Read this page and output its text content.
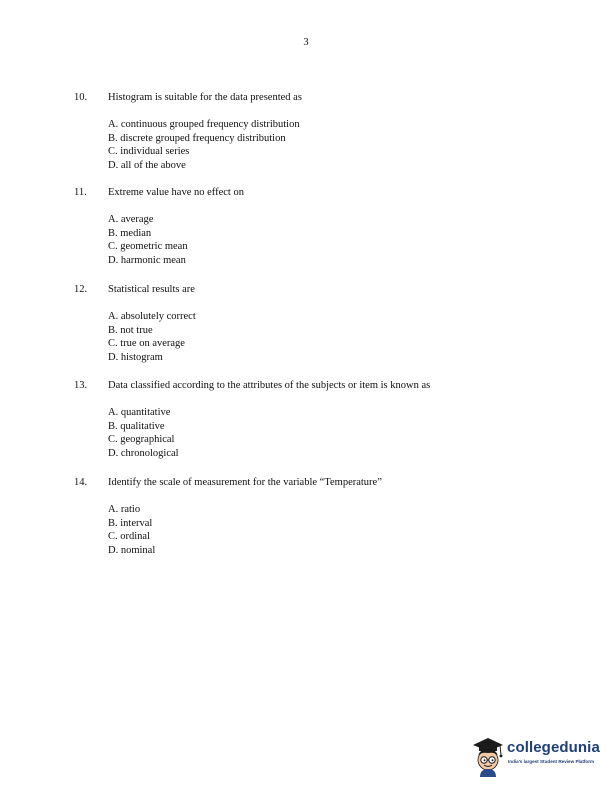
3
10. Histogram is suitable for the data presented as
A. continuous grouped frequency distribution
B. discrete grouped frequency distribution
C. individual series
D. all of the above
11. Extreme value have no effect on
A. average
B. median
C. geometric mean
D. harmonic mean
12. Statistical results are
A. absolutely correct
B. not true
C. true on average
D. histogram
13. Data classified according to the attributes of the subjects or item is known as
A. quantitative
B. qualitative
C. geographical
D. chronological
14. Identify the scale of measurement for the variable “Temperature”
A. ratio
B. interval
C. ordinal
D. nominal
collegedunia
India's largest Student Review Platform
